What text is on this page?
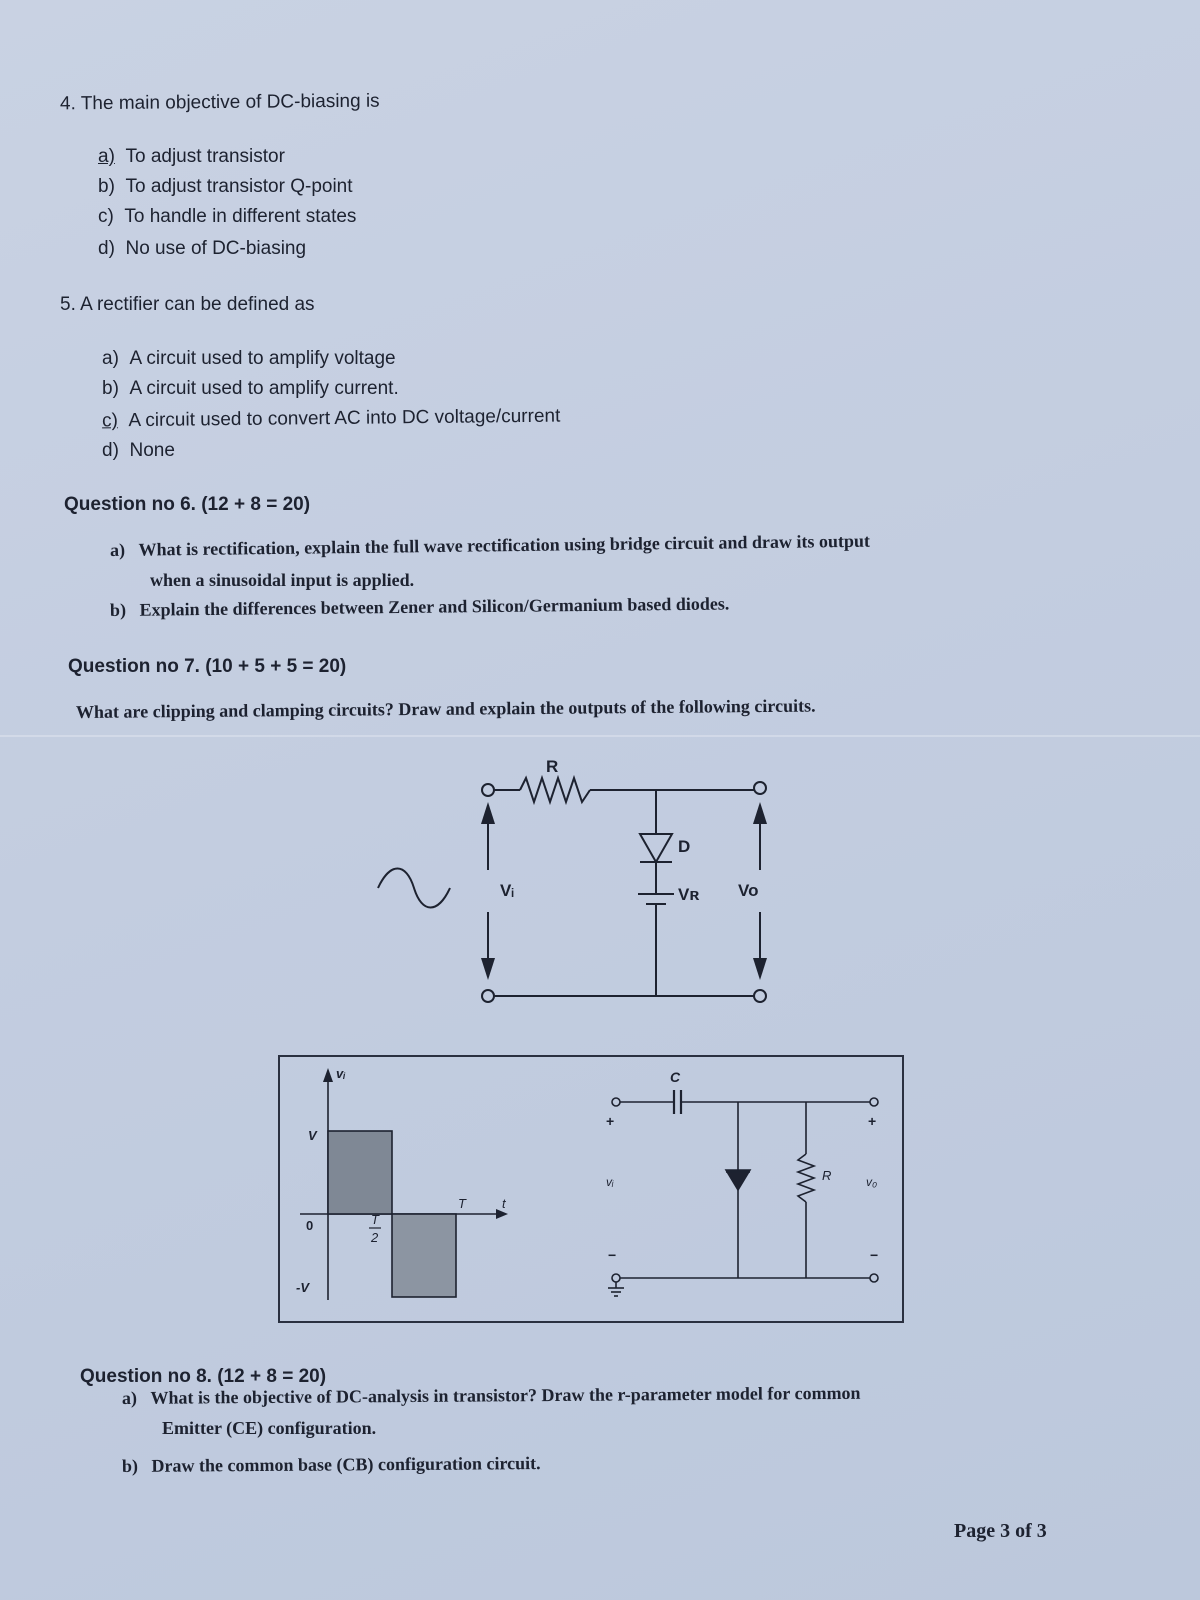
4. The main objective of DC-biasing is
a) To adjust transistor
b) To adjust transistor Q-point
c) To handle in different states
d) No use of DC-biasing
5. A rectifier can be defined as
a) A circuit used to amplify voltage
b) A circuit used to amplify current.
c) A circuit used to convert AC into DC voltage/current
d) None
Question no 6. (12 + 8 = 20)
a) What is rectification, explain the full wave rectification using bridge circuit and draw its output
when a sinusoidal input is applied.
b) Explain the differences between Zener and Silicon/Germanium based diodes.
Question no 7. (10 + 5 + 5 = 20)
What are clipping and clamping circuits? Draw and explain the outputs of the following circuits.
R
D
Vᵢ	Vʀ Vo
vᵢ
V
0
-V
T
2
T	t
C
R
+
vᵢ
−
+
v₀
−
Question no 8. (12 + 8 = 20)
a) What is the objective of DC-analysis in transistor? Draw the r-parameter model for common
Emitter (CE) configuration.
b) Draw the common base (CB) configuration circuit.
Page 3 of 3
